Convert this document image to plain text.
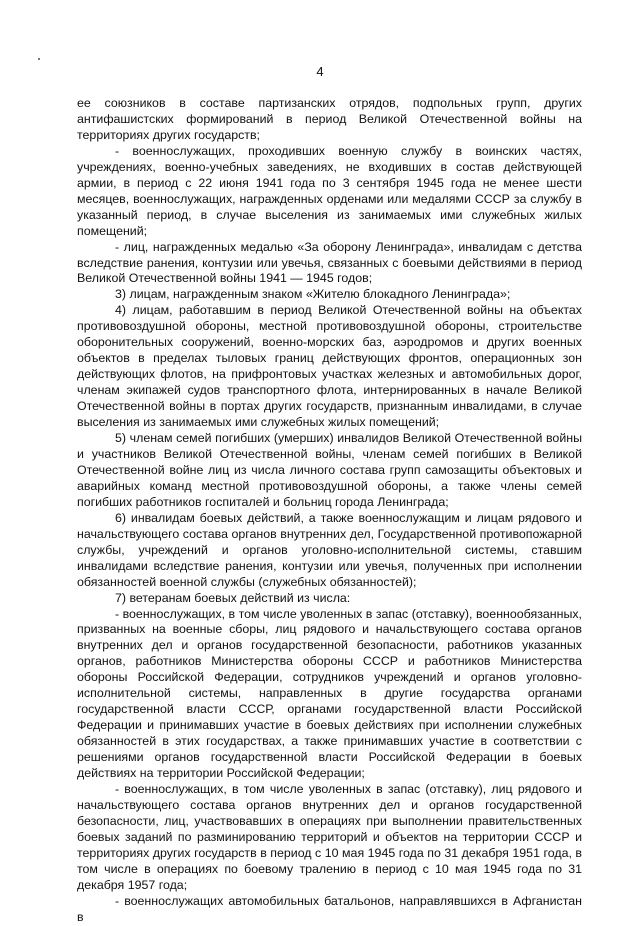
4

ее союзников в составе партизанских отрядов, подпольных групп, других антифашистских формирований в период Великой Отечественной войны на территориях других государств;

- военнослужащих, проходивших военную службу в воинских частях, учреждениях, военно-учебных заведениях, не входивших в состав действующей армии, в период с 22 июня 1941 года по 3 сентября 1945 года не менее шести месяцев, военнослужащих, награжденных орденами или медалями СССР за службу в указанный период, в случае выселения из занимаемых ими служебных жилых помещений;

- лиц, награжденных медалью «За оборону Ленинграда», инвалидам с детства вследствие ранения, контузии или увечья, связанных с боевыми действиями в период Великой Отечественной войны 1941 — 1945 годов;

3) лицам, награжденным знаком «Жителю блокадного Ленинграда»;

4) лицам, работавшим в период Великой Отечественной войны на объектах противовоздушной обороны, местной противовоздушной обороны, строительстве оборонительных сооружений, военно-морских баз, аэродромов и других военных объектов в пределах тыловых границ действующих фронтов, операционных зон действующих флотов, на прифронтовых участках железных и автомобильных дорог, членам экипажей судов транспортного флота, интернированных в начале Великой Отечественной войны в портах других государств, признанным инвалидами, в случае выселения из занимаемых ими служебных жилых помещений;

5) членам семей погибших (умерших) инвалидов Великой Отечественной войны и участников Великой Отечественной войны, членам семей погибших в Великой Отечественной войне лиц из числа личного состава групп самозащиты объектовых и аварийных команд местной противовоздушной обороны, а также члены семей погибших работников госпиталей и больниц города Ленинграда;

6) инвалидам боевых действий, а также военнослужащим и лицам рядового и начальствующего состава органов внутренних дел, Государственной противопожарной службы, учреждений и органов уголовно-исполнительной системы, ставшим инвалидами вследствие ранения, контузии или увечья, полученных при исполнении обязанностей военной службы (служебных обязанностей);

7) ветеранам боевых действий из числа:

- военнослужащих, в том числе уволенных в запас (отставку), военнообязанных, призванных на военные сборы, лиц рядового и начальствующего состава органов внутренних дел и органов государственной безопасности, работников указанных органов, работников Министерства обороны СССР и работников Министерства обороны Российской Федерации, сотрудников учреждений и органов уголовно-исполнительной системы, направленных в другие государства органами государственной власти СССР, органами государственной власти Российской Федерации и принимавших участие в боевых действиях при исполнении служебных обязанностей в этих государствах, а также принимавших участие в соответствии с решениями органов государственной власти Российской Федерации в боевых действиях на территории Российской Федерации;

- военнослужащих, в том числе уволенных в запас (отставку), лиц рядового и начальствующего состава органов внутренних дел и органов государственной безопасности, лиц, участвовавших в операциях при выполнении правительственных боевых заданий по разминированию территорий и объектов на территории СССР и территориях других государств в период с 10 мая 1945 года по 31 декабря 1951 года, в том числе в операциях по боевому тралению в период с 10 мая 1945 года по 31 декабря 1957 года;

- военнослужащих автомобильных батальонов, направлявшихся в Афганистан в
